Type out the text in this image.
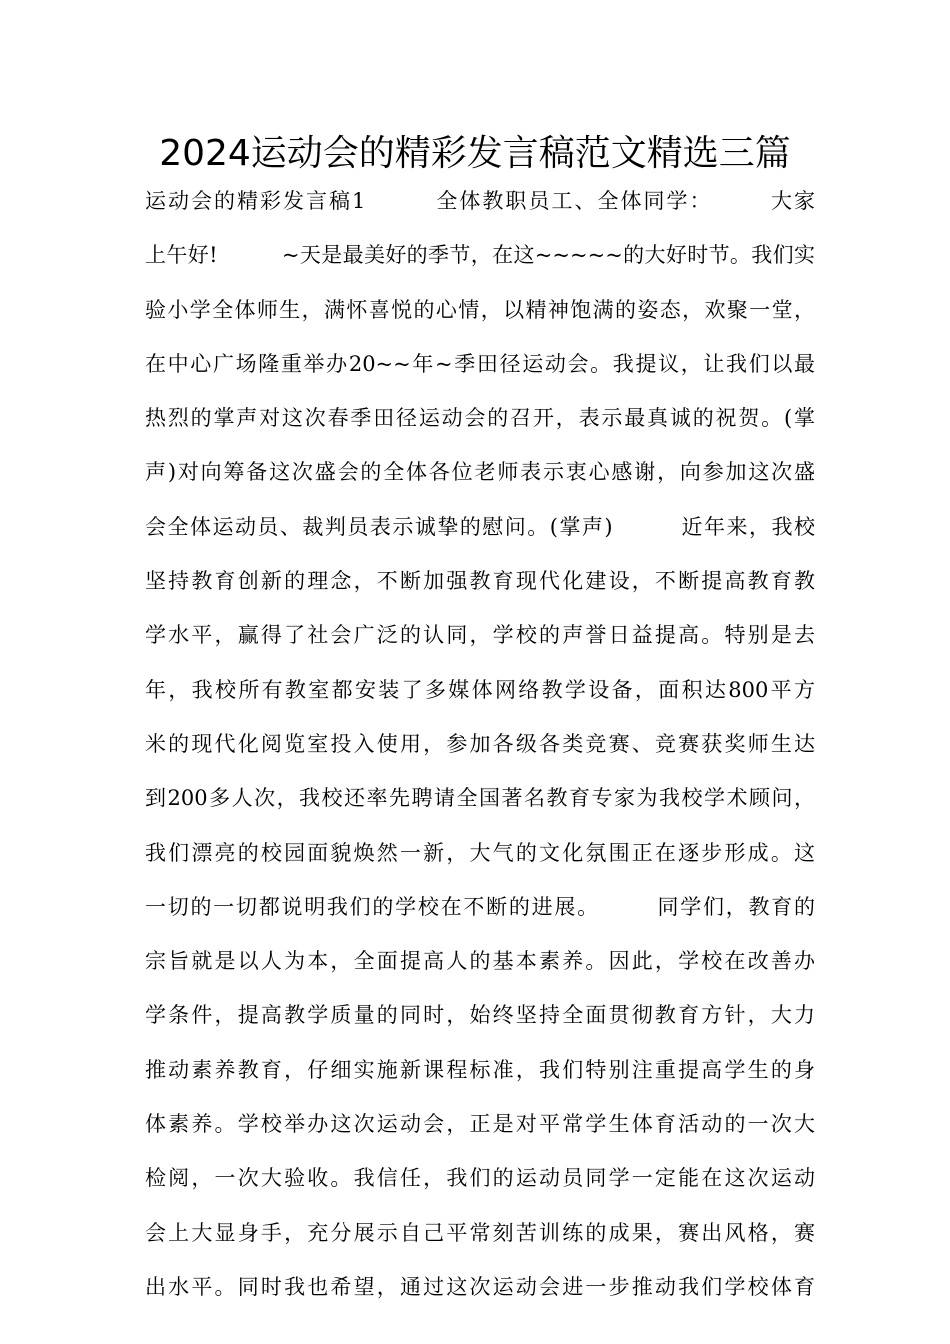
2024运动会的精彩发言稿范文精选三篇
运动会的精彩发言稿1　　　全体教职员工、全体同学：　　　大家
上午好!　　　~天是最美好的季节，在这~~~~~的大好时节。我们实
验小学全体师生，满怀喜悦的心情，以精神饱满的姿态，欢聚一堂，
在中心广场隆重举办20~~年~季田径运动会。我提议，让我们以最
热烈的掌声对这次春季田径运动会的召开，表示最真诚的祝贺。(掌
声)对向筹备这次盛会的全体各位老师表示衷心感谢，向参加这次盛
会全体运动员、裁判员表示诚挚的慰问。(掌声)　　　近年来，我校
坚持教育创新的理念，不断加强教育现代化建设，不断提高教育教
学水平，赢得了社会广泛的认同，学校的声誉日益提高。特别是去
年，我校所有教室都安装了多媒体网络教学设备，面积达800平方
米的现代化阅览室投入使用，参加各级各类竞赛、竞赛获奖师生达
到200多人次，我校还率先聘请全国著名教育专家为我校学术顾问，
我们漂亮的校园面貌焕然一新，大气的文化氛围正在逐步形成。这
一切的一切都说明我们的学校在不断的进展。　　　同学们，教育的
宗旨就是以人为本，全面提高人的基本素养。因此，学校在改善办
学条件，提高教学质量的同时，始终坚持全面贯彻教育方针，大力
推动素养教育，仔细实施新课程标准，我们特别注重提高学生的身
体素养。学校举办这次运动会，正是对平常学生体育活动的一次大
检阅，一次大验收。我信任，我们的运动员同学一定能在这次运动
会上大显身手，充分展示自己平常刻苦训练的成果，赛出风格，赛
出水平。同时我也希望，通过这次运动会进一步推动我们学校体育
